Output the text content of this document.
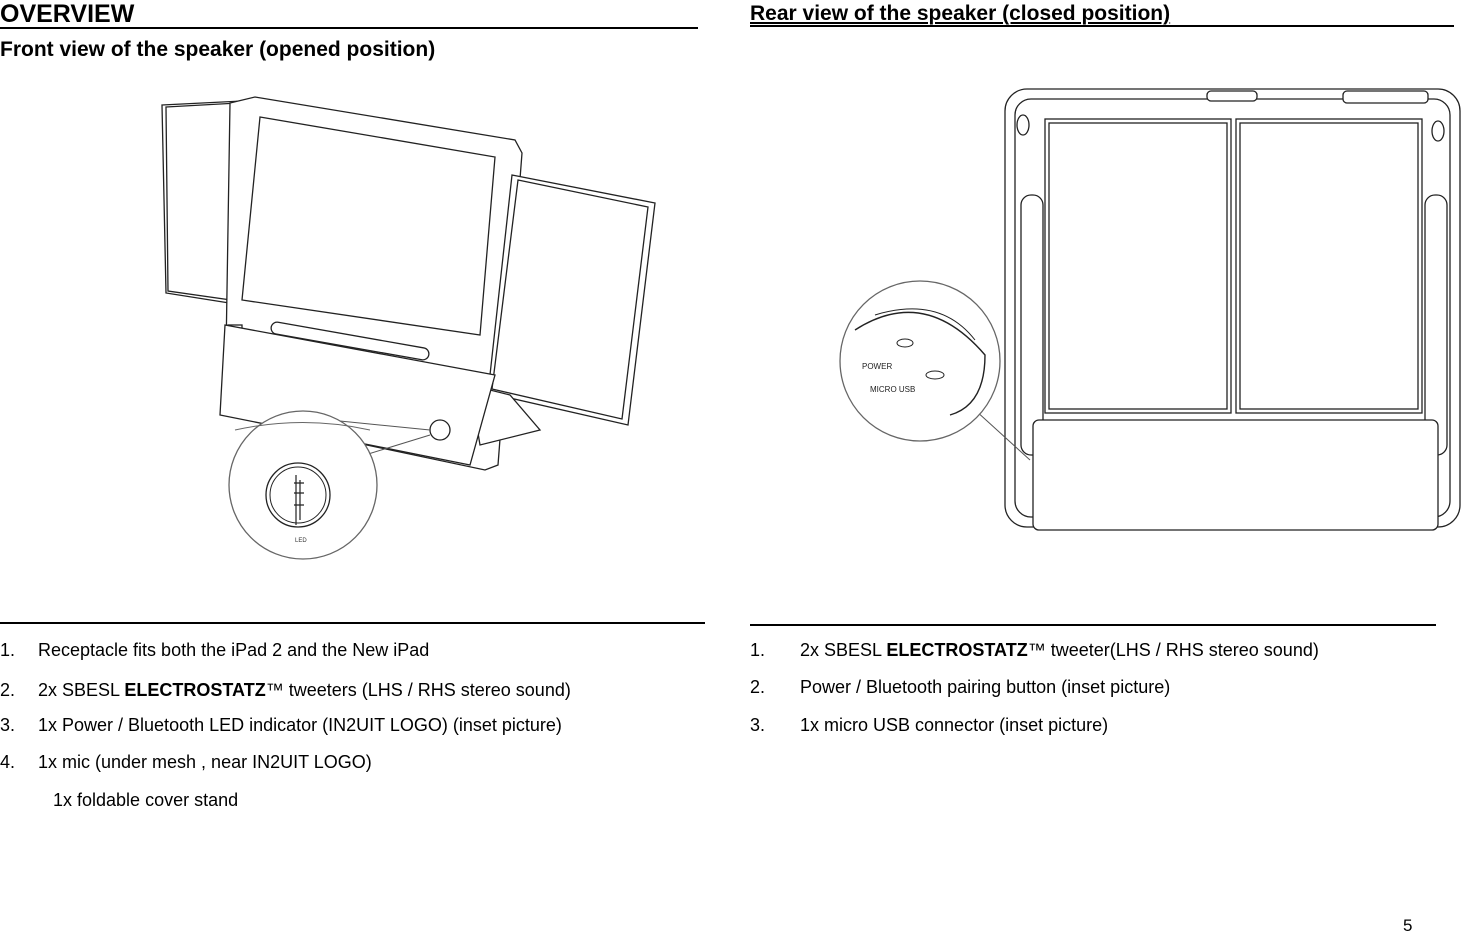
OVERVIEW
Front view of the speaker (opened position)
Rear view of the speaker (closed position)
LED
POWER
MICRO USB
1. Receptacle fits both the iPad 2 and the New iPad
2. 2x SBESL ELECTROSTATZ™ tweeters (LHS / RHS stereo sound)
3. 1x Power / Bluetooth LED indicator (IN2UIT LOGO) (inset picture)
4. 1x mic (under mesh , near IN2UIT LOGO)
1x foldable cover stand
1. 2x SBESL ELECTROSTATZ™ tweeter(LHS / RHS stereo sound)
2. Power / Bluetooth pairing button (inset picture)
3. 1x micro USB connector (inset picture)
5
